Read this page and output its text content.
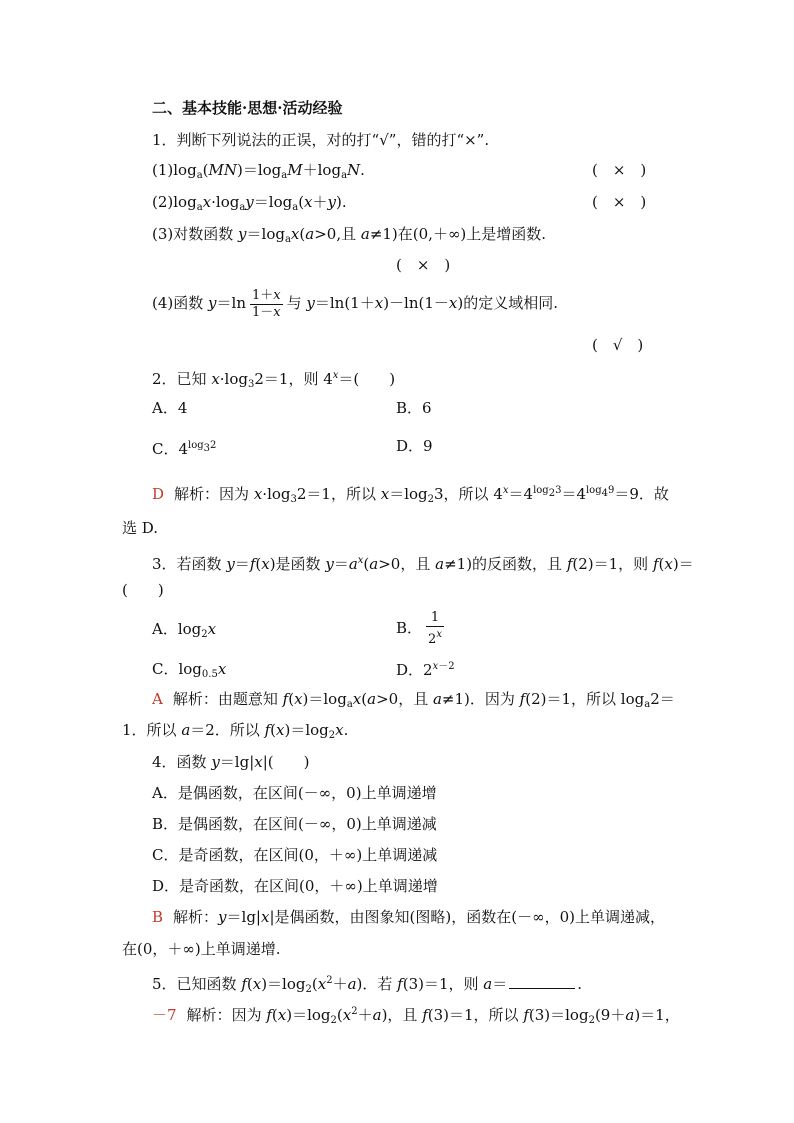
二、基本技能·思想·活动经验
1．判断下列说法的正误，对的打“√”，错的打“×”.
$(1)\log_a(MN)=\log_aM+\log_aN$.	(　×　)
$(2)\log_ax\cdot\log_ay=\log_a(x+y)$.	(　×　)
(3)对数函数 $y=\log_ax(a>0$,且 a≠1)在(0,＋∞)上是增函数.
(　×　)
(4)函数 $y=\ln \frac{1+x}{1-x}$ 与 y＝ln(1＋x)－ln(1－x)的定义域相同.
(　√　)
2．已知 $x\cdot\log_32=1$，则 $4^x=$(　　)
A．4	B．6
C．$4^{log_32}$	D．9
D 解析：因为 $x\cdot\log_32=1$，所以 $x=\log_23$，所以 $4^x=4^{log_23}=4^{log_49}=9$．故
选 D.
3．若函数 y＝f(x)是函数 $y=a^x(a>0$，且 a≠1)的反函数，且 f(2)＝1，则 f(x)＝
(　　)
A．$\log_2x$	B． $\frac{1}{2^x}$
C．$\log_{0.5}x$	D．$2^{x-2}$
A 解析：由题意知 $f(x)=\log_ax(a>0$，且 a≠1)．因为 f(2)＝1，所以 $\log_a2=$
1．所以 a＝2．所以 $f(x)=\log_2x$.
4．函数 y＝lg|x|(　　)
A．是偶函数，在区间(－∞，0)上单调递增
B．是偶函数，在区间(－∞，0)上单调递减
C．是奇函数，在区间(0，＋∞)上单调递减
D．是奇函数，在区间(0，＋∞)上单调递增
B 解析：y＝lg|x|是偶函数，由图象知(图略)，函数在(－∞，0)上单调递减，
在(0，＋∞)上单调递增.
5．已知函数 $f(x)=\log_2(x^2+a)$．若 f(3)＝1，则 a＝	.
－7 解析：因为 $f(x)=\log_2(x^2+a)$，且 f(3)＝1，所以 $f(3)=\log_2(9+a)=1$，
